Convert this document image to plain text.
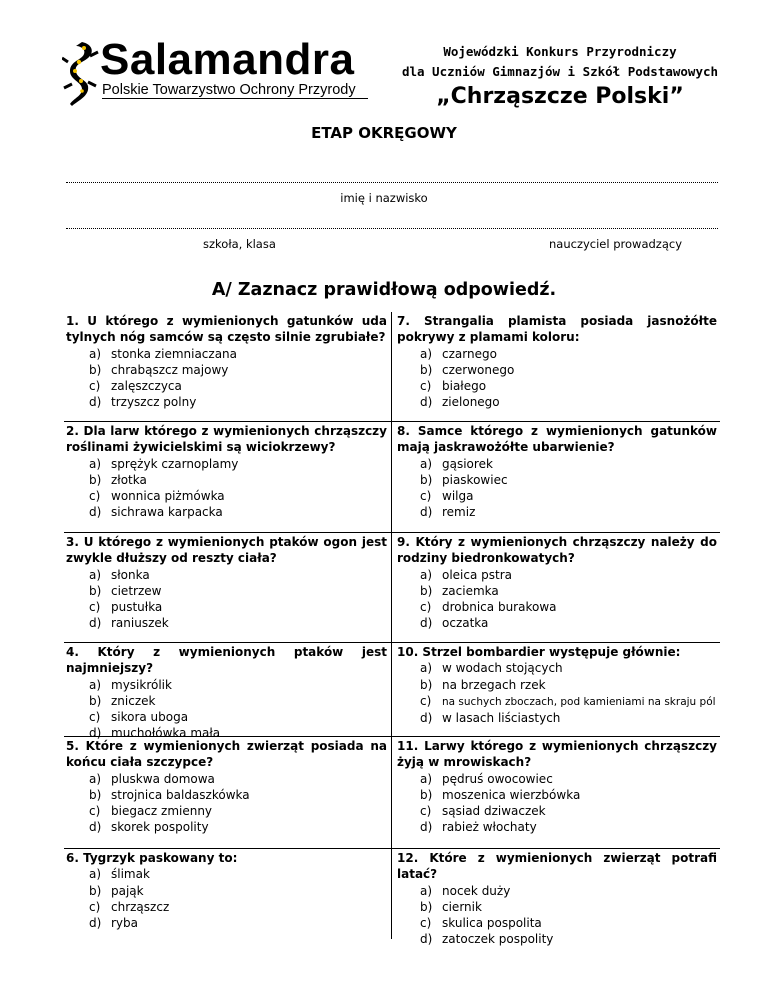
Salamandra
Polskie Towarzystwo Ochrony Przyrody
Wojewódzki Konkurs Przyrodniczy
dla Uczniów Gimnazjów i Szkół Podstawowych
„Chrząszcze Polski”
ETAP OKRĘGOWY
imię i nazwisko
szkoła, klasa	nauczyciel prowadzący
A/ Zaznacz prawidłową odpowiedź.
1. U którego z wymienionych gatunków uda tylnych nóg samców są często silnie zgrubiałe?
a) stonka ziemniaczana
b) chrabąszcz majowy
c) zalęszczyca
d) trzyszcz polny
7. Strangalia plamista posiada jasnożółte pokrywy z plamami koloru:
a) czarnego
b) czerwonego
c) białego
d) zielonego
2. Dla larw którego z wymienionych chrząszczy roślinami żywicielskimi są wiciokrzewy?
a) sprężyk czarnoplamy
b) złotka
c) wonnica piżmówka
d) sichrawa karpacka
8. Samce którego z wymienionych gatunków mają jaskrawożółte ubarwienie?
a) gąsiorek
b) piaskowiec
c) wilga
d) remiz
3. U którego z wymienionych ptaków ogon jest zwykle dłuższy od reszty ciała?
a) słonka
b) cietrzew
c) pustułka
d) raniuszek
9. Który z wymienionych chrząszczy należy do rodziny biedronkowatych?
a) oleica pstra
b) zaciemka
c) drobnica burakowa
d) oczatka
4. Który z wymienionych ptaków jest najmniejszy?
a) mysikrólik
b) zniczek
c) sikora uboga
d) muchołówka mała
10. Strzel bombardier występuje głównie:
a) w wodach stojących
b) na brzegach rzek
c) na suchych zboczach, pod kamieniami na skraju pól
d) w lasach liściastych
5. Które z wymienionych zwierząt posiada na końcu ciała szczypce?
a) pluskwa domowa
b) strojnica baldaszkówka
c) biegacz zmienny
d) skorek pospolity
11. Larwy którego z wymienionych chrząszczy żyją w mrowiskach?
a) pędruś owocowiec
b) moszenica wierzbówka
c) sąsiad dziwaczek
d) rabież włochaty
6. Tygrzyk paskowany to:
a) ślimak
b) pająk
c) chrząszcz
d) ryba
12. Które z wymienionych zwierząt potrafi latać?
a) nocek duży
b) ciernik
c) skulica pospolita
d) zatoczek pospolity
